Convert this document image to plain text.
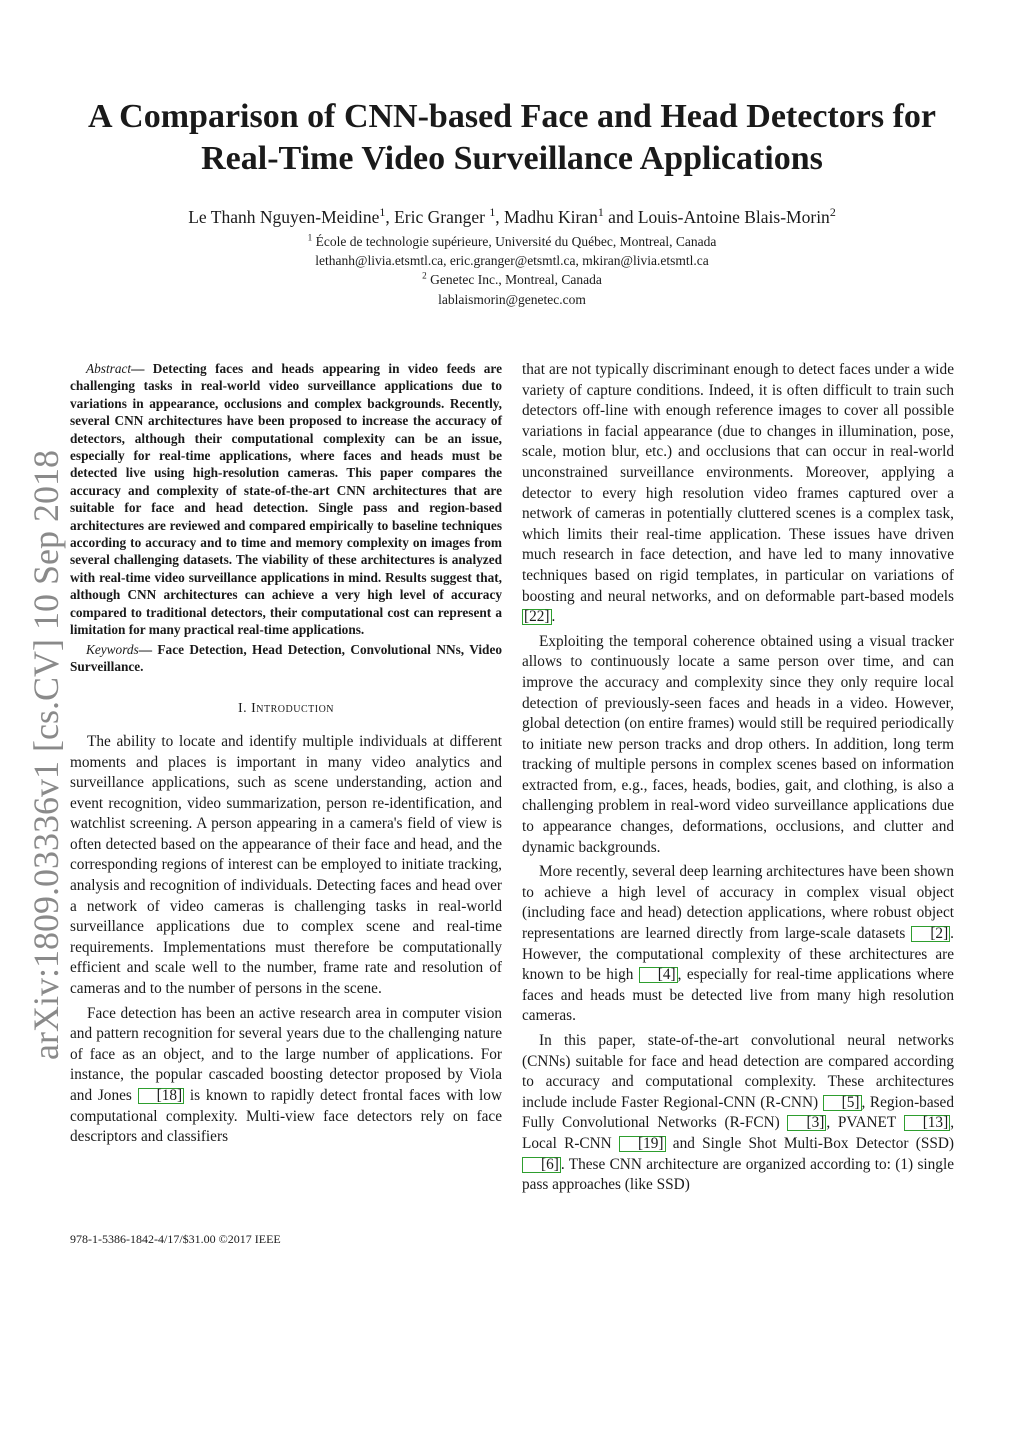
A Comparison of CNN-based Face and Head Detectors for
Real-Time Video Surveillance Applications
Le Thanh Nguyen-Meidine$^1$, Eric Granger $^1$, Madhu Kiran$^1$ and Louis-Antoine Blais-Morin$^2$
$^1$ École de technologie supérieure, Université du Québec, Montreal, Canada
lethanh@livia.etsmtl.ca, eric.granger@etsmtl.ca, mkiran@livia.etsmtl.ca
$^2$ Genetec Inc., Montreal, Canada
lablaismorin@genetec.com
arXiv:1809.03336v1 [cs.CV] 10 Sep 2018

Abstract— Detecting faces and heads appearing in video feeds are challenging tasks in real-world video surveillance applications due to variations in appearance, occlusions and complex backgrounds. Recently, several CNN architectures have been proposed to increase the accuracy of detectors, although their computational complexity can be an issue, especially for real-time applications, where faces and heads must be detected live using high-resolution cameras. This paper compares the accuracy and complexity of state-of-the-art CNN architectures that are suitable for face and head detection. Single pass and region-based architectures are reviewed and compared empirically to baseline techniques according to accuracy and to time and memory complexity on images from several challenging datasets. The viability of these architectures is analyzed with real-time video surveillance applications in mind. Results suggest that, although CNN architectures can achieve a very high level of accuracy compared to traditional detectors, their computational cost can represent a limitation for many practical real-time applications.

Keywords— Face Detection, Head Detection, Convolutional NNs, Video Surveillance.

I. Introduction

The ability to locate and identify multiple individuals at different moments and places is important in many video analytics and surveillance applications, such as scene understanding, action and event recognition, video summarization, person re-identification, and watchlist screening. A person appearing in a camera's field of view is often detected based on the appearance of their face and head, and the corresponding regions of interest can be employed to initiate tracking, analysis and recognition of individuals. Detecting faces and head over a network of video cameras is challenging tasks in real-world surveillance applications due to complex scene and real-time requirements. Implementations must therefore be computationally efficient and scale well to the number, frame rate and resolution of cameras and to the number of persons in the scene.

Face detection has been an active research area in computer vision and pattern recognition for several years due to the challenging nature of face as an object, and to the large number of applications. For instance, the popular cascaded boosting detector proposed by Viola and Jones [18] is known to rapidly detect frontal faces with low computational complexity. Multi-view face detectors rely on face descriptors and classifiers

that are not typically discriminant enough to detect faces under a wide variety of capture conditions. Indeed, it is often difficult to train such detectors off-line with enough reference images to cover all possible variations in facial appearance (due to changes in illumination, pose, scale, motion blur, etc.) and occlusions that can occur in real-world unconstrained surveillance environments. Moreover, applying a detector to every high resolution video frames captured over a network of cameras in potentially cluttered scenes is a complex task, which limits their real-time application. These issues have driven much research in face detection, and have led to many innovative techniques based on rigid templates, in particular on variations of boosting and neural networks, and on deformable part-based models [22] .

Exploiting the temporal coherence obtained using a visual tracker allows to continuously locate a same person over time, and can improve the accuracy and complexity since they only require local detection of previously-seen faces and heads in a video. However, global detection (on entire frames) would still be required periodically to initiate new person tracks and drop others. In addition, long term tracking of multiple persons in complex scenes based on information extracted from, e.g., faces, heads, bodies, gait, and clothing, is also a challenging problem in real-word video surveillance applications due to appearance changes, deformations, occlusions, and clutter and dynamic backgrounds.

More recently, several deep learning architectures have been shown to achieve a high level of accuracy in complex visual object (including face and head) detection applications, where robust object representations are learned directly from large-scale datasets [2] . However, the computational complexity of these architectures are known to be high [4] , especially for real-time applications where faces and heads must be detected live from many high resolution cameras.

In this paper, state-of-the-art convolutional neural networks (CNNs) suitable for face and head detection are compared according to accuracy and computational complexity. These architectures include include Faster Regional-CNN (R-CNN) [5] , Region-based Fully Convolutional Networks (R-FCN) [3] , PVANET [13] , Local R-CNN [19] and Single Shot Multi-Box Detector (SSD) [6] . These CNN architecture are organized according to: (1) single pass approaches (like SSD)

978-1-5386-1842-4/17/$31.00 ©2017 IEEE
